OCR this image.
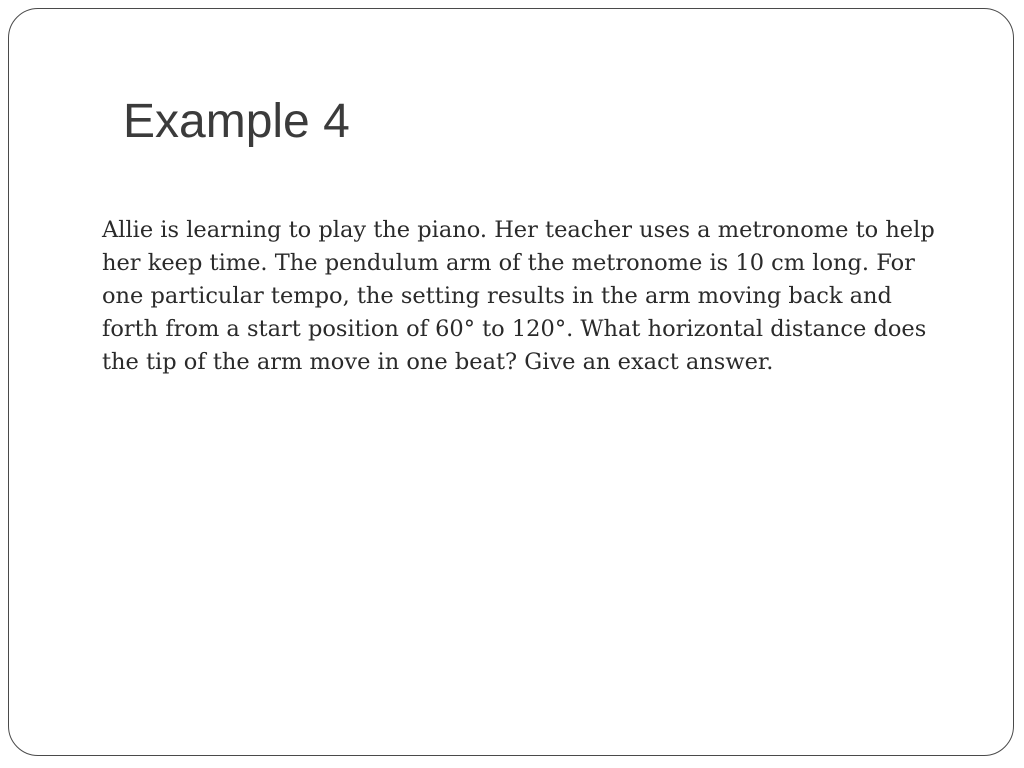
Example 4

Allie is learning to play the piano. Her teacher uses a metronome to help
her keep time. The pendulum arm of the metronome is 10 cm long. For
one particular tempo, the setting results in the arm moving back and
forth from a start position of 60° to 120°. What horizontal distance does
the tip of the arm move in one beat? Give an exact answer.
